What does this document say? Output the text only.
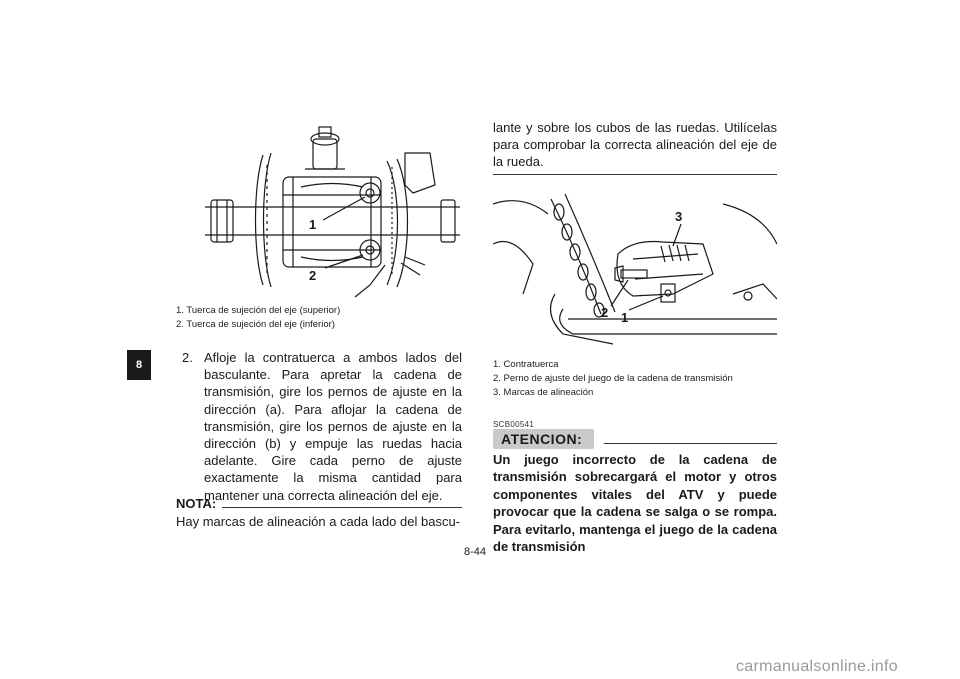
8
1
2
1. Tuerca de sujeción del eje (superior)
2. Tuerca de sujeción del eje (inferior)
2. Afloje la contratuerca a ambos lados del basculante. Para apretar la cadena de transmisión, gire los pernos de ajuste en la dirección (a). Para aflojar la cadena de transmisión, gire los pernos de ajuste en la dirección (b) y empuje las ruedas hacia adelante. Gire cada perno de ajuste exactamente la misma cantidad para mantener una correcta alineación del eje.
NOTA:
Hay marcas de alineación a cada lado del bascu-
lante y sobre los cubos de las ruedas. Utilícelas para comprobar la correcta alineación del eje de la rueda.
3
2 1
1. Contratuerca
2. Perno de ajuste del juego de la cadena de transmisión
3. Marcas de alineación
SCB00541
ATENCION:
Un juego incorrecto de la cadena de transmisión sobrecargará el motor y otros componentes vitales del ATV y puede provocar que la cadena se salga o se rompa. Para evitarlo, mantenga el juego de la cadena de transmisión
8-44
carmanualsonline.info
